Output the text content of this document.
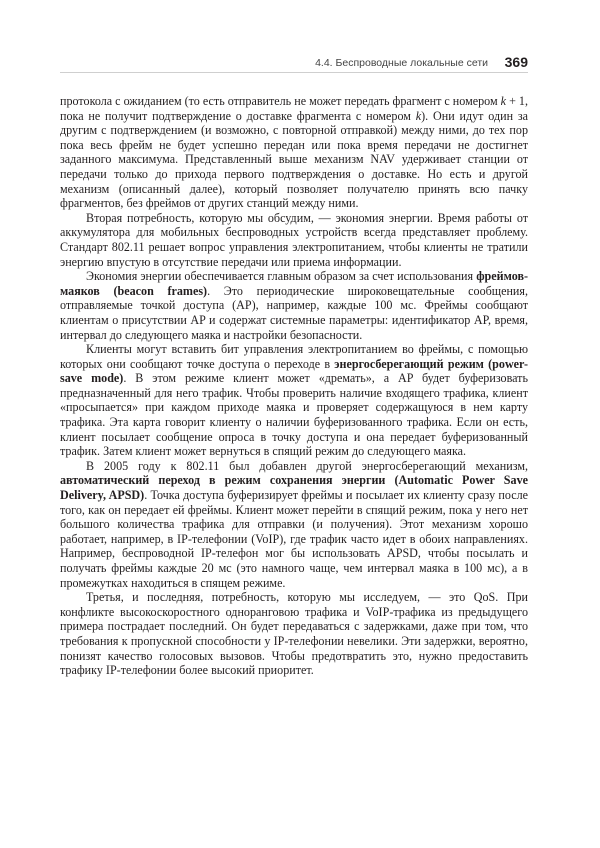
4.4. Беспроводные локальные сети 369

протокола с ожиданием (то есть отправитель не может передать фрагмент с номером k + 1, пока не получит подтверждение о доставке фрагмента с номером k). Они идут один за другим с подтверждением (и возможно, с повторной отправкой) между ними, до тех пор пока весь фрейм не будет успешно передан или пока время передачи не достигнет заданного максимума. Представленный выше механизм NAV удерживает станции от передачи только до прихода первого подтверждения о доставке. Но есть и другой механизм (описанный далее), который позволяет получателю принять всю пачку фрагментов, без фреймов от других станций между ними.

Вторая потребность, которую мы обсудим, — экономия энергии. Время работы от аккумулятора для мобильных беспроводных устройств всегда представляет проблему. Стандарт 802.11 решает вопрос управления электропитанием, чтобы клиенты не тратили энергию впустую в отсутствие передачи или приема информации.

Экономия энергии обеспечивается главным образом за счет использования фреймов-маяков (beacon frames). Это периодические широковещательные сообщения, отправляемые точкой доступа (AP), например, каждые 100 мс. Фреймы сообщают клиентам о присутствии AP и содержат системные параметры: идентификатор AP, время, интервал до следующего маяка и настройки безопасности.

Клиенты могут вставить бит управления электропитанием во фреймы, с помощью которых они сообщают точке доступа о переходе в энергосберегающий режим (power-save mode). В этом режиме клиент может «дремать», а AP будет буферизовать предназначенный для него трафик. Чтобы проверить наличие входящего трафика, клиент «просыпается» при каждом приходе маяка и проверяет содержащуюся в нем карту трафика. Эта карта говорит клиенту о наличии буферизованного трафика. Если он есть, клиент посылает сообщение опроса в точку доступа и она передает буферизованный трафик. Затем клиент может вернуться в спящий режим до следующего маяка.

В 2005 году к 802.11 был добавлен другой энергосберегающий механизм, автоматический переход в режим сохранения энергии (Automatic Power Save Delivery, APSD). Точка доступа буферизирует фреймы и посылает их клиенту сразу после того, как он передает ей фреймы. Клиент может перейти в спящий режим, пока у него нет большого количества трафика для отправки (и получения). Этот механизм хорошо работает, например, в IP-телефонии (VoIP), где трафик часто идет в обоих направлениях. Например, беспроводной IP-телефон мог бы использовать APSD, чтобы посылать и получать фреймы каждые 20 мс (это намного чаще, чем интервал маяка в 100 мс), а в промежутках находиться в спящем режиме.

Третья, и последняя, потребность, которую мы исследуем, — это QoS. При конфликте высокоскоростного одноранговою трафика и VoIP-трафика из предыдущего примера пострадает последний. Он будет передаваться с задержками, даже при том, что требования к пропускной способности у IP-телефонии невелики. Эти задержки, вероятно, понизят качество голосовых вызовов. Чтобы предотвратить это, нужно предоставить трафику IP-телефонии более высокий приоритет.
